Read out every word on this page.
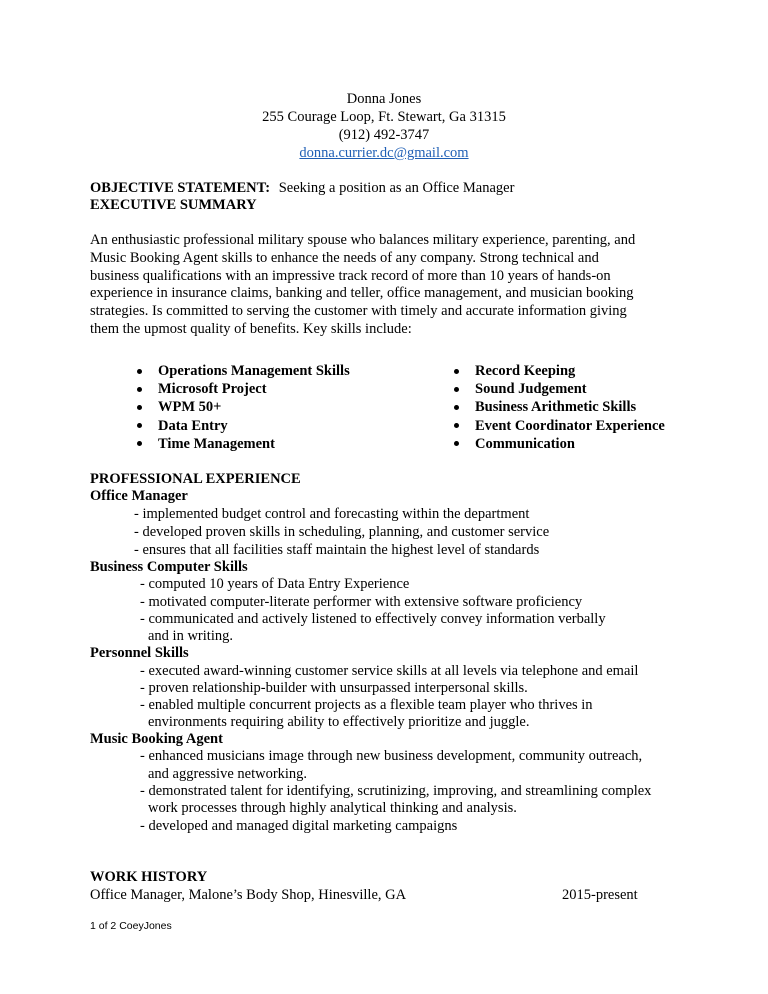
Donna Jones
255 Courage Loop, Ft. Stewart, Ga 31315
(912) 492-3747
donna.currier.dc@gmail.com
OBJECTIVE STATEMENT: Seeking a position as an Office Manager
EXECUTIVE SUMMARY
An enthusiastic professional military spouse who balances military experience, parenting, and
Music Booking Agent skills to enhance the needs of any company. Strong technical and
business qualifications with an impressive track record of more than 10 years of hands-on
experience in insurance claims, banking and teller, office management, and musician booking
strategies. Is committed to serving the customer with timely and accurate information giving
them the upmost quality of benefits. Key skills include:
Operations Management Skills
Microsoft Project
WPM 50+
Data Entry
Time Management
Record Keeping
Sound Judgement
Business Arithmetic Skills
Event Coordinator Experience
Communication
PROFESSIONAL EXPERIENCE
Office Manager
- implemented budget control and forecasting within the department
- developed proven skills in scheduling, planning, and customer service
- ensures that all facilities staff maintain the highest level of standards
Business Computer Skills
- computed 10 years of Data Entry Experience
- motivated computer-literate performer with extensive software proficiency
- communicated and actively listened to effectively convey information verbally
and in writing.
Personnel Skills
- executed award-winning customer service skills at all levels via telephone and email
- proven relationship-builder with unsurpassed interpersonal skills.
- enabled multiple concurrent projects as a flexible team player who thrives in
environments requiring ability to effectively prioritize and juggle.
Music Booking Agent
- enhanced musicians image through new business development, community outreach,
and aggressive networking.
- demonstrated talent for identifying, scrutinizing, improving, and streamlining complex
work processes through highly analytical thinking and analysis.
- developed and managed digital marketing campaigns
WORK HISTORY
Office Manager, Malone’s Body Shop, Hinesville, GA	2015-present
1 of 2 CoeyJones
